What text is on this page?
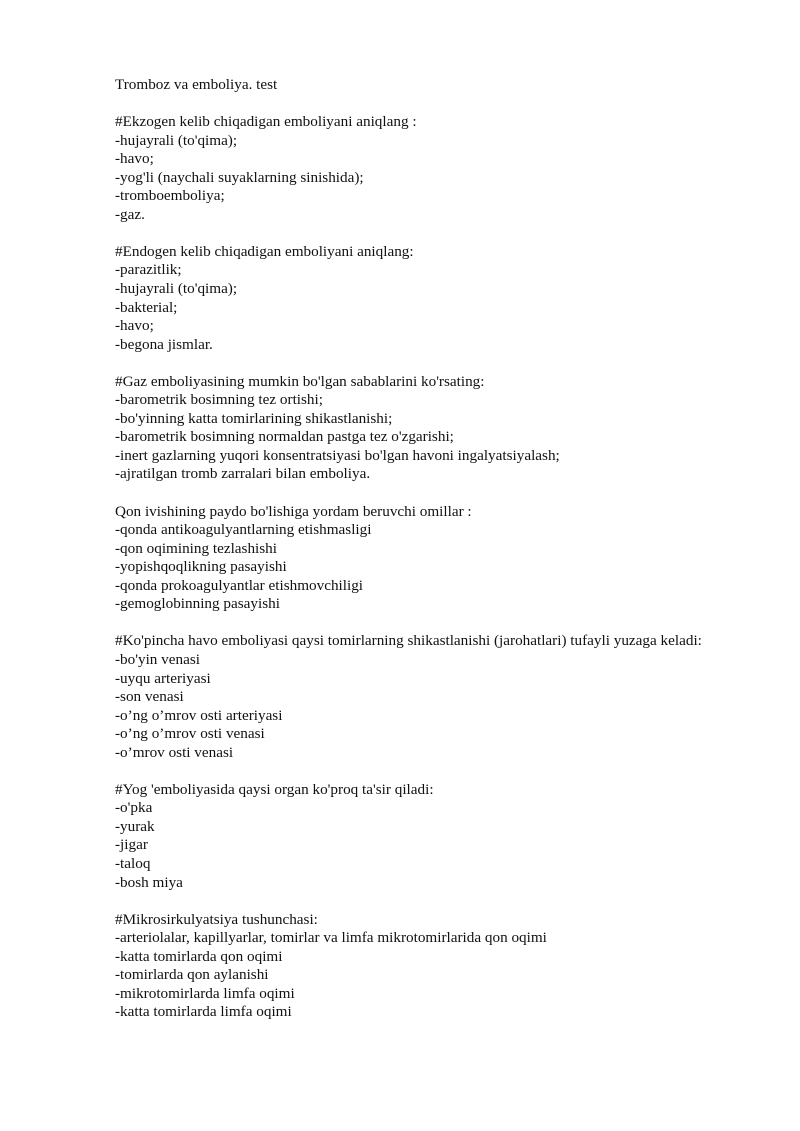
Tromboz va emboliya. test
#Ekzogen kelib chiqadigan emboliyani aniqlang :
-hujayrali (to'qima);
-havo;
-yog'li (naychali suyaklarning sinishida);
-tromboemboliya;
-gaz.
#Endogen kelib chiqadigan emboliyani aniqlang:
-parazitlik;
-hujayrali (to'qima);
-bakterial;
-havo;
-begona jismlar.
#Gaz emboliyasining mumkin bo'lgan sabablarini ko'rsating:
-barometrik bosimning tez ortishi;
-bo'yinning katta tomirlarining shikastlanishi;
-barometrik bosimning normaldan pastga tez o'zgarishi;
-inert gazlarning yuqori konsentratsiyasi bo'lgan havoni ingalyatsiyalash;
-ajratilgan tromb zarralari bilan emboliya.
Qon ivishining paydo bo'lishiga yordam beruvchi omillar :
-qonda antikoagulyantlarning etishmasligi
-qon oqimining tezlashishi
-yopishqoqlikning pasayishi
-qonda prokoagulyantlar etishmovchiligi
-gemoglobinning pasayishi
#Ko'pincha havo emboliyasi qaysi tomirlarning shikastlanishi (jarohatlari) tufayli yuzaga keladi:
-bo'yin venasi
-uyqu arteriyasi
-son venasi
-o’ng o’mrov osti arteriyasi
-o’ng o’mrov osti venasi
-o’mrov osti venasi
#Yog 'emboliyasida qaysi organ ko'proq ta'sir qiladi:
-o'pka
-yurak
-jigar
-taloq
-bosh miya
#Mikrosirkulyatsiya tushunchasi:
-arteriolalar, kapillyarlar, tomirlar va limfa mikrotomirlarida qon oqimi
-katta tomirlarda qon oqimi
-tomirlarda qon aylanishi
-mikrotomirlarda limfa oqimi
-katta tomirlarda limfa oqimi
